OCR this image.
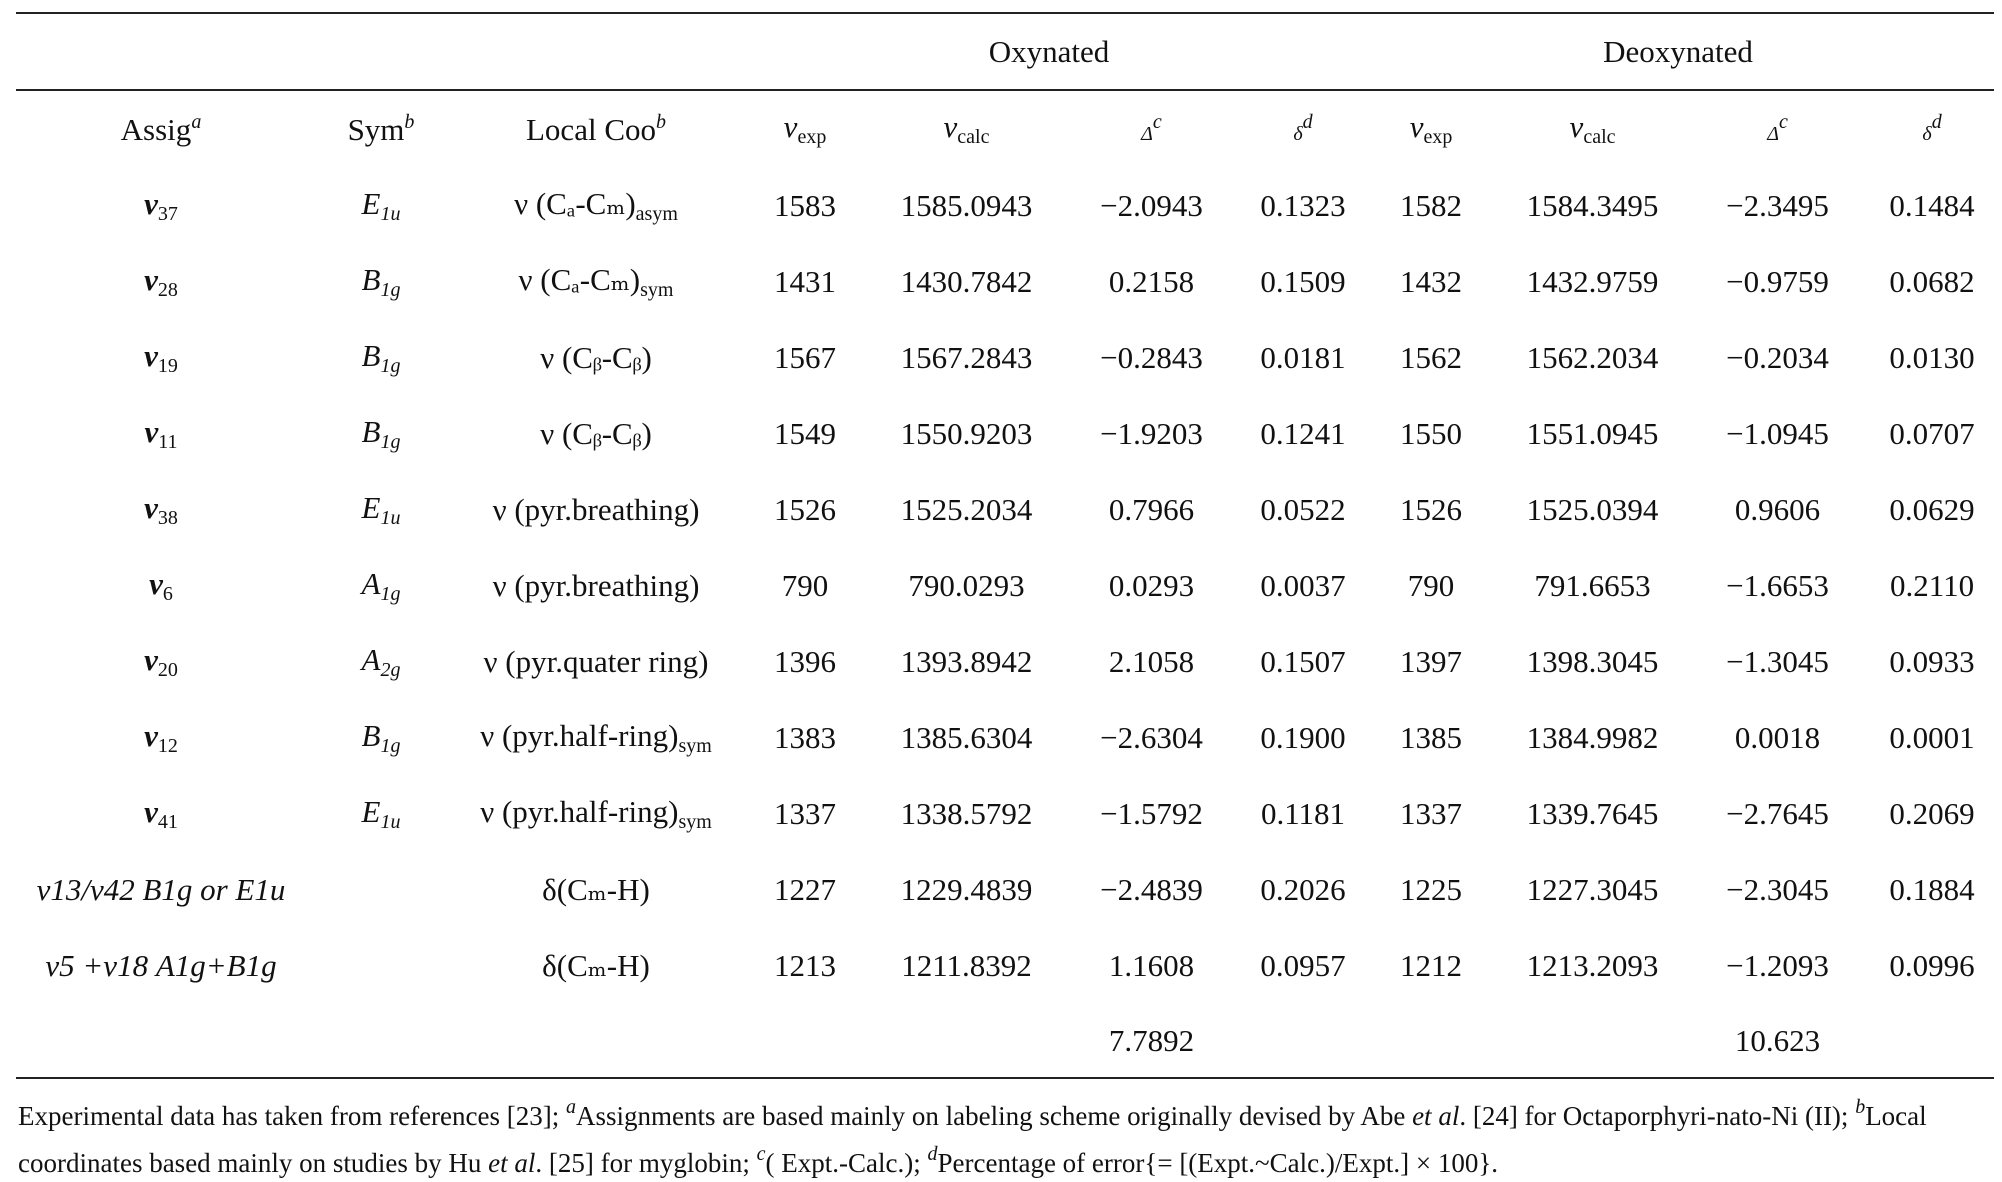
			Oxynated				Deoxynated			
Assig$^a$	Sym$^b$	Local Coo$^b$	$\nu_{exp}$	$\nu_{calc}$	$\Delta^c$	$\delta^d$	$\nu_{exp}$	$\nu_{calc}$	$\Delta^c$	$\delta^d$
$\nu_{37}$	$E_{1u}$	ν $(C_a-C_m)_{asym}$	1583	1585.0943	−2.0943	0.1323	1582	1584.3495	−2.3495	0.1484
$\nu_{28}$	$B_{1g}$	ν $(C_a-C_m)_{sym}$	1431	1430.7842	0.2158	0.1509	1432	1432.9759	−0.9759	0.0682
$\nu_{19}$	$B_{1g}$	ν (Cᵦ-Cᵦ)	1567	1567.2843	−0.2843	0.0181	1562	1562.2034	−0.2034	0.0130
$\nu_{11}$	$B_{1g}$	ν (Cᵦ-Cᵦ)	1549	1550.9203	−1.9203	0.1241	1550	1551.0945	−1.0945	0.0707
$\nu_{38}$	$E_{1u}$	ν (pyr.breathing)	1526	1525.2034	0.7966	0.0522	1526	1525.0394	0.9606	0.0629
$\nu_6$	$A_{1g}$	ν (pyr.breathing)	790	790.0293	0.0293	0.0037	790	791.6653	−1.6653	0.2110
$\nu_{20}$	$A_{2g}$	ν (pyr.quater ring)	1396	1393.8942	2.1058	0.1507	1397	1398.3045	−1.3045	0.0933
$\nu_{12}$	$B_{1g}$	ν $(pyr.half-ring)_{sym}$	1383	1385.6304	−2.6304	0.1900	1385	1384.9982	0.0018	0.0001
$\nu_{41}$	$E_{1u}$	ν $(pyr.half-ring)_{sym}$	1337	1338.5792	−1.5792	0.1181	1337	1339.7645	−2.7645	0.2069
ν13/ν42 B1g or E1u		δ(Cₘ-H)	1227	1229.4839	−2.4839	0.2026	1225	1227.3045	−2.3045	0.1884
ν5 +ν18 A1g+B1g		δ(Cₘ-H)	1213	1211.8392	1.1608	0.0957	1212	1213.2093	−1.2093	0.0996
					7.7892				10.623	
Experimental data has taken from references [23]; $^a$Assignments are based mainly on labeling scheme originally devised by Abe et al. [24] for Octaporphyri-nato-Ni (II); $^b$Local coordinates based mainly on studies by Hu et al. [25] for myglobin; $^c$( Expt.-Calc.); $^d$Percentage of error{= [(Expt.~Calc.)/Expt.] × 100}.
